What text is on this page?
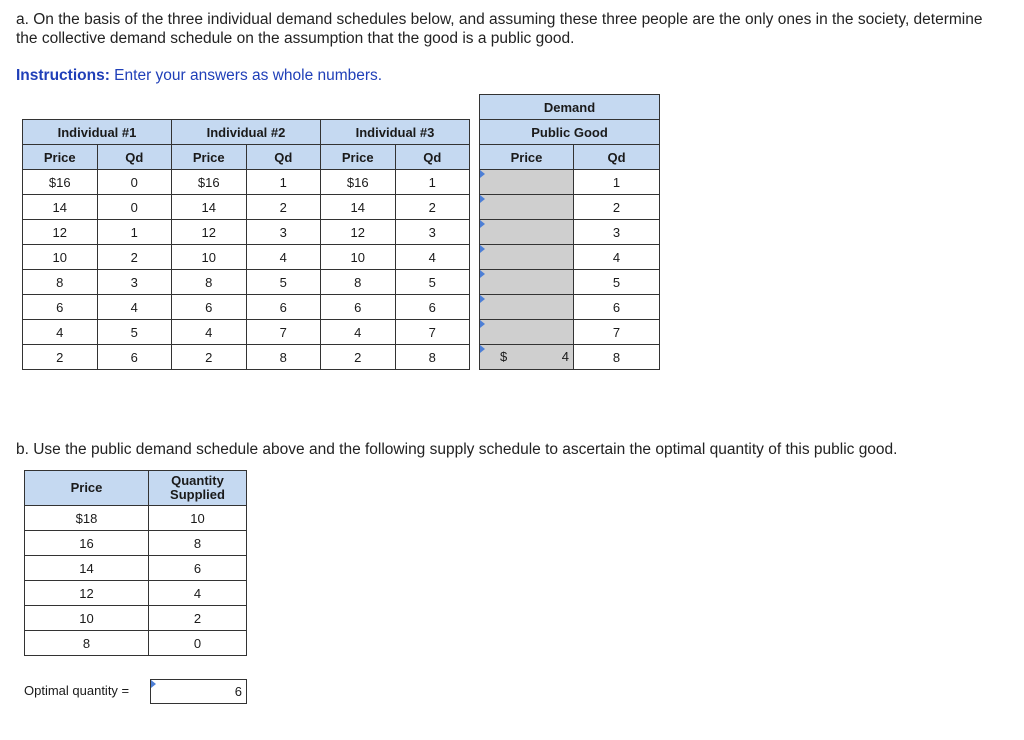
a. On the basis of the three individual demand schedules below, and assuming these three people are the only ones in the society, determine the collective demand schedule on the assumption that the good is a public good.
Instructions: Enter your answers as whole numbers.
Individual #1		Individual #2		Individual #3	
Price	Qd	Price	Qd	Price	Qd
$16	0	$16	1	$16	1
14	0	14	2	14	2
12	1	12	3	12	3
10	2	10	4	10	4
8	3	8	5	8	5
6	4	6	6	6	6
4	5	4	7	4	7
2	6	2	8	2	8
Demand	
Public Good	
Price	Qd

	1

	2

	3

	4

	5

	6

	7

$ 4	8
b. Use the public demand schedule above and the following supply schedule to ascertain the optimal quantity of this public good.
Price	Quantity
Supplied
$18	10
16	8
14	6
12	4
10	2
8	0
Optimal quantity =	6
